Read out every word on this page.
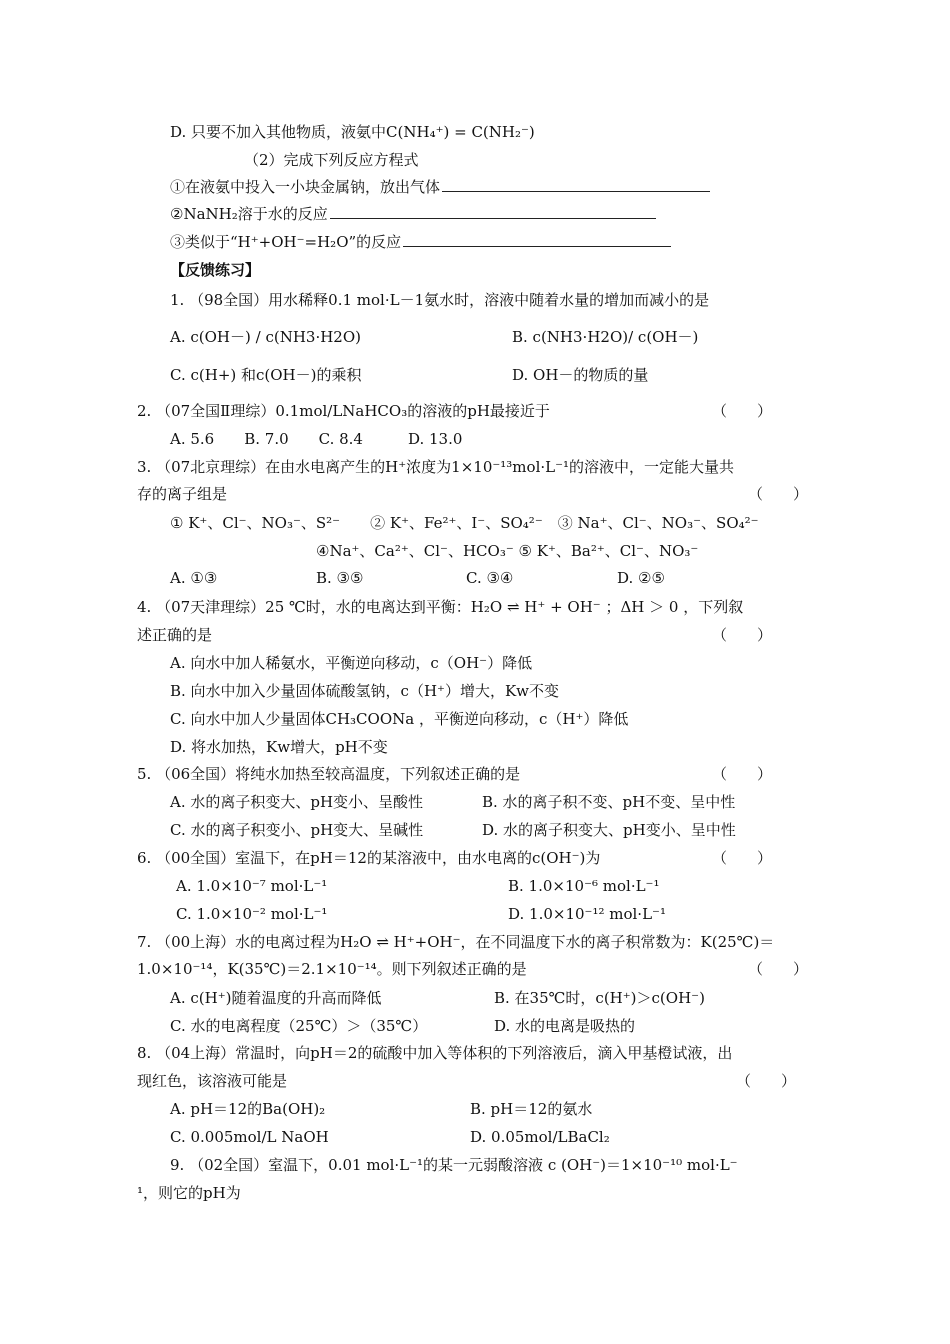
D. 只要不加入其他物质，液氨中C(NH₄⁺) = C(NH₂⁻)
（2）完成下列反应方程式
①在液氨中投入一小块金属钠，放出气体
②NaNH₂溶于水的反应
③类似于“H⁺+OH⁻=H₂O”的反应
【反馈练习】
1. （98全国）用水稀释0.1 mol·L－1氨水时，溶液中随着水量的增加而减小的是
A. c(OH－) / c(NH3·H2O)	B. c(NH3·H2O)/ c(OH－)
C. c(H+) 和c(OH－)的乘积	D. OH－的物质的量
2. （07全国Ⅱ理综）0.1mol/LNaHCO₃的溶液的pH最接近于	（　　）
A. 5.6　　B. 7.0　　C. 8.4　　　D. 13.0
3. （07北京理综）在由水电离产生的H⁺浓度为1×10⁻¹³mol·L⁻¹的溶液中，一定能大量共
存的离子组是	（　　）
① K⁺、Cl⁻、NO₃⁻、S²⁻　　② K⁺、Fe²⁺、I⁻、SO₄²⁻　③ Na⁺、Cl⁻、NO₃⁻、SO₄²⁻
④Na⁺、Ca²⁺、Cl⁻、HCO₃⁻ ⑤ K⁺、Ba²⁺、Cl⁻、NO₃⁻
A. ①③	B. ③⑤	C. ③④	D. ②⑤
4. （07天津理综）25 ℃时，水的电离达到平衡：H₂O ⇌ H⁺ + OH⁻ ；ΔH ＞ 0 ，下列叙
述正确的是	（　　）
A. 向水中加人稀氨水，平衡逆向移动，c（OH⁻）降低
B. 向水中加入少量固体硫酸氢钠，c（H⁺）增大，Kw不变
C. 向水中加人少量固体CH₃COONa ，平衡逆向移动，c（H⁺）降低
D. 将水加热，Kw增大，pH不变
5. （06全国）将纯水加热至较高温度，下列叙述正确的是	（　　）
A. 水的离子积变大、pH变小、呈酸性	B. 水的离子积不变、pH不变、呈中性
C. 水的离子积变小、pH变大、呈碱性	D. 水的离子积变大、pH变小、呈中性
6. （00全国）室温下，在pH＝12的某溶液中，由水电离的c(OH⁻)为	（　　）
A. 1.0×10⁻⁷ mol·L⁻¹	B. 1.0×10⁻⁶ mol·L⁻¹
C. 1.0×10⁻² mol·L⁻¹	D. 1.0×10⁻¹² mol·L⁻¹
7. （00上海）水的电离过程为H₂O ⇌ H⁺+OH⁻，在不同温度下水的离子积常数为：K(25℃)＝
1.0×10⁻¹⁴，K(35℃)＝2.1×10⁻¹⁴。则下列叙述正确的是	（　　）
A. c(H⁺)随着温度的升高而降低	B. 在35℃时，c(H⁺)＞c(OH⁻)
C. 水的电离程度（25℃）＞（35℃）	D. 水的电离是吸热的
8. （04上海）常温时，向pH＝2的硫酸中加入等体积的下列溶液后，滴入甲基橙试液，出
现红色，该溶液可能是	（　　）
A. pH＝12的Ba(OH)₂	B. pH＝12的氨水
C. 0.005mol/L NaOH	D. 0.05mol/LBaCl₂
9. （02全国）室温下，0.01 mol·L⁻¹的某一元弱酸溶液 c (OH⁻)＝1×10⁻¹⁰ mol·L⁻
¹，则它的pH为
